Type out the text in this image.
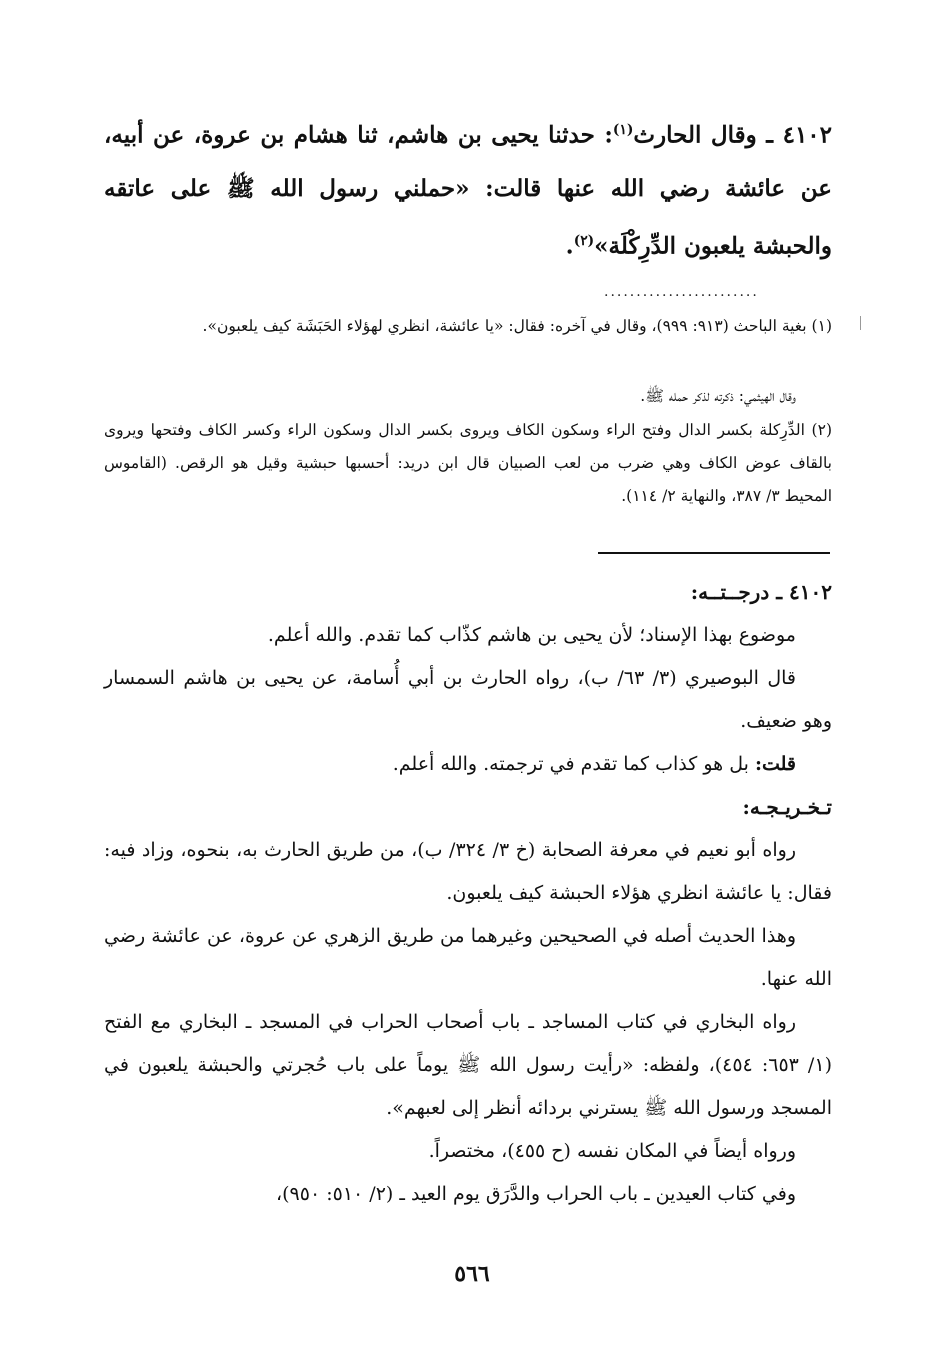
٤١٠٢ ـ وقال الحارث$^{(١)}$: حدثنا يحيى بن هاشم، ثنا هشام بن عروة، عن أبيه، عن عائشة رضي الله عنها قالت: «حملني رسول الله ﷺ على عاتقه والحبشة يلعبون الدِّرِكْلَة»$^{(٢)}$.
........................
(١) بغية الباحث (٩١٣: ٩٩٩)، وقال في آخره: فقال: «يا عائشة، انظري لهؤلاء الحَبَشَة كيف يلعبون».
وقال الهيثمي: ذكرته لذكر حمله ﷺ.
(٢) الدِّرِكلة بكسر الدال وفتح الراء وسكون الكاف ويروى بكسر الدال وسكون الراء وكسر الكاف وفتحها ويروى بالقاف عوض الكاف وهي ضرب من لعب الصبيان قال ابن دريد: أحسبها حبشية وقيل هو الرقص. (القاموس المحيط ٣/ ٣٨٧، والنهاية ٢/ ١١٤).
٤١٠٢ ـ درجــتــه:
موضوع بهذا الإسناد؛ لأن يحيى بن هاشم كذّاب كما تقدم. والله أعلم.
قال البوصيري (٣/ ٦٣/ ب)، رواه الحارث بن أبي أُسامة، عن يحيى بن هاشم السمسار وهو ضعيف.
قلت: بل هو كذاب كما تقدم في ترجمته. والله أعلم.
تـخـريـجـه:
رواه أبو نعيم في معرفة الصحابة (خ ٣/ ٣٢٤/ ب)، من طريق الحارث به، بنحوه، وزاد فيه: فقال: يا عائشة انظري هؤلاء الحبشة كيف يلعبون.
وهذا الحديث أصله في الصحيحين وغيرهما من طريق الزهري عن عروة، عن عائشة رضي الله عنها.
رواه البخاري في كتاب المساجد ـ باب أصحاب الحراب في المسجد ـ البخاري مع الفتح (١/ ٦٥٣: ٤٥٤)، ولفظه: «رأيت رسول الله ﷺ يوماً على باب حُجرتي والحبشة يلعبون في المسجد ورسول الله ﷺ يسترني بردائه أنظر إلى لعبهم».
ورواه أيضاً في المكان نفسه (ح ٤٥٥)، مختصراً.
وفي كتاب العيدين ـ باب الحراب والدَّرَق يوم العيد ـ (٢/ ٥١٠: ٩٥٠)،
٥٦٦
